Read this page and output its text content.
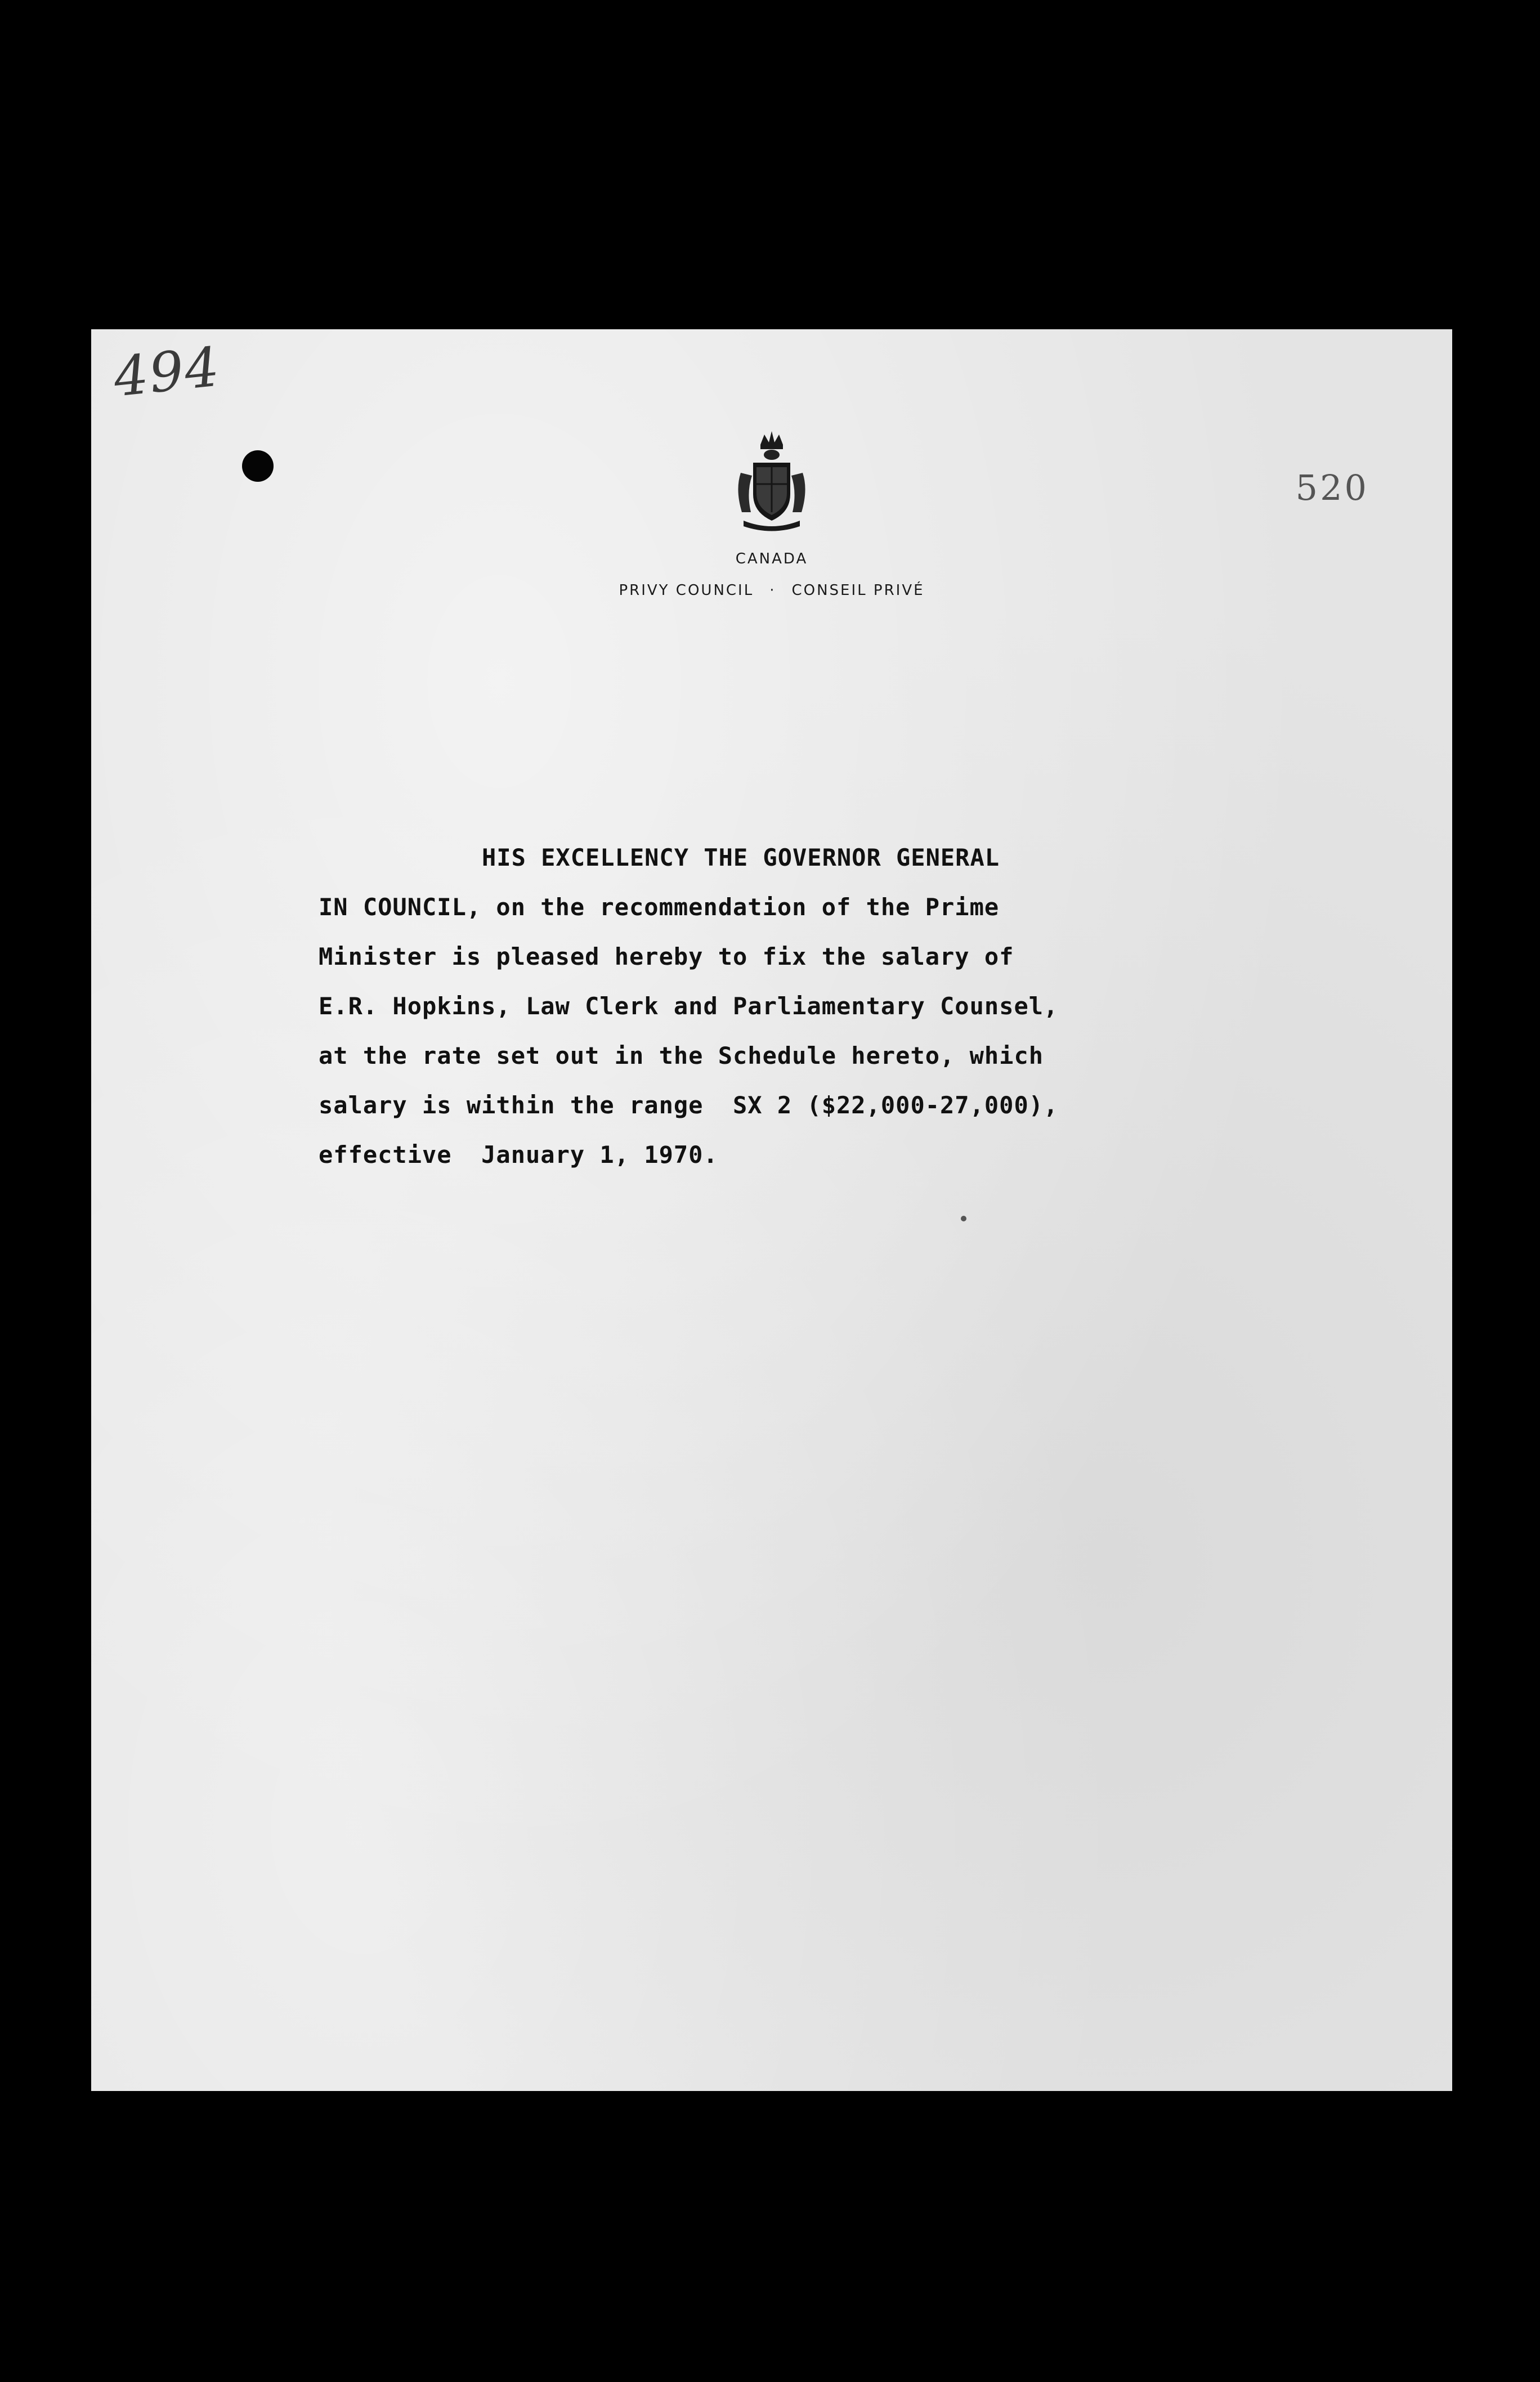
494
520
CANADA
PRIVY COUNCIL · CONSEIL PRIVÉ
HIS EXCELLENCY THE GOVERNOR GENERAL
IN COUNCIL, on the recommendation of the Prime
Minister is pleased hereby to fix the salary of
E.R. Hopkins, Law Clerk and Parliamentary Counsel,
at the rate set out in the Schedule hereto, which
salary is within the range  SX 2 ($22,000-27,000),
effective  January 1, 1970.
